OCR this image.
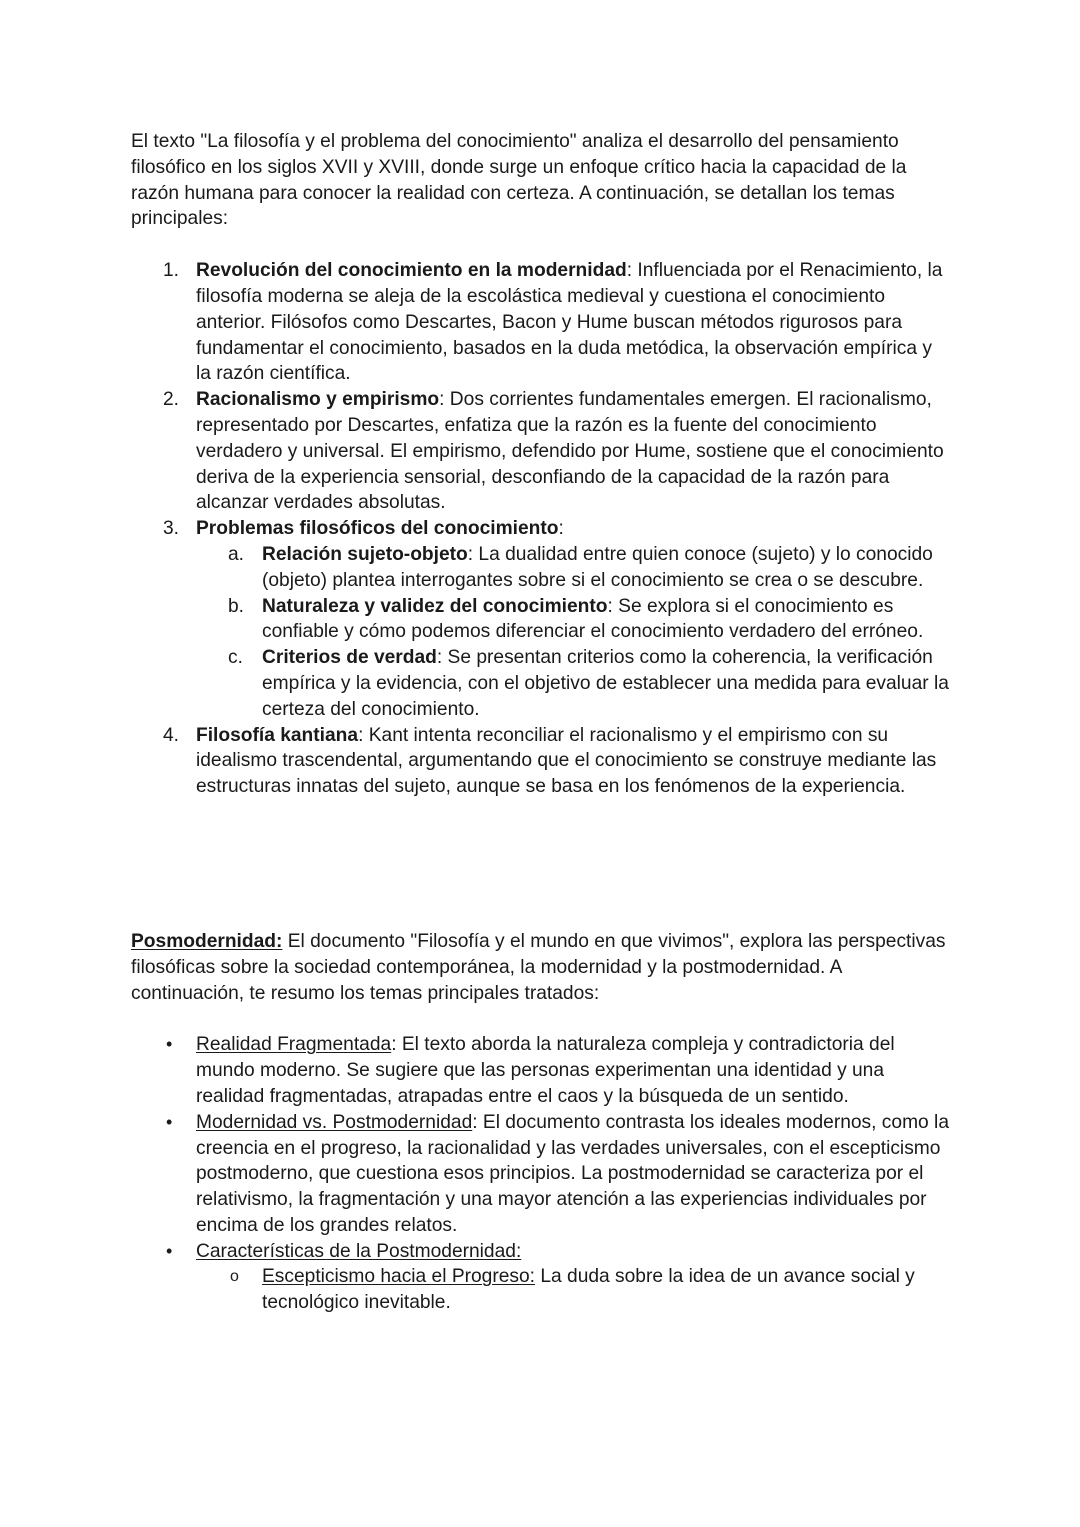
El texto "La filosofía y el problema del conocimiento" analiza el desarrollo del pensamiento filosófico en los siglos XVII y XVIII, donde surge un enfoque crítico hacia la capacidad de la razón humana para conocer la realidad con certeza. A continuación, se detallan los temas principales:

1. Revolución del conocimiento en la modernidad: Influenciada por el Renacimiento, la filosofía moderna se aleja de la escolástica medieval y cuestiona el conocimiento anterior. Filósofos como Descartes, Bacon y Hume buscan métodos rigurosos para fundamentar el conocimiento, basados en la duda metódica, la observación empírica y la razón científica.
2. Racionalismo y empirismo: Dos corrientes fundamentales emergen. El racionalismo, representado por Descartes, enfatiza que la razón es la fuente del conocimiento verdadero y universal. El empirismo, defendido por Hume, sostiene que el conocimiento deriva de la experiencia sensorial, desconfiando de la capacidad de la razón para alcanzar verdades absolutas.
3. Problemas filosóficos del conocimiento:
a. Relación sujeto-objeto: La dualidad entre quien conoce (sujeto) y lo conocido (objeto) plantea interrogantes sobre si el conocimiento se crea o se descubre.
b. Naturaleza y validez del conocimiento: Se explora si el conocimiento es confiable y cómo podemos diferenciar el conocimiento verdadero del erróneo.
c. Criterios de verdad: Se presentan criterios como la coherencia, la verificación empírica y la evidencia, con el objetivo de establecer una medida para evaluar la certeza del conocimiento.
4. Filosofía kantiana: Kant intenta reconciliar el racionalismo y el empirismo con su idealismo trascendental, argumentando que el conocimiento se construye mediante las estructuras innatas del sujeto, aunque se basa en los fenómenos de la experiencia.

Posmodernidad: El documento "Filosofía y el mundo en que vivimos", explora las perspectivas filosóficas sobre la sociedad contemporánea, la modernidad y la postmodernidad. A continuación, te resumo los temas principales tratados:

• Realidad Fragmentada: El texto aborda la naturaleza compleja y contradictoria del mundo moderno. Se sugiere que las personas experimentan una identidad y una realidad fragmentadas, atrapadas entre el caos y la búsqueda de un sentido.
• Modernidad vs. Postmodernidad: El documento contrasta los ideales modernos, como la creencia en el progreso, la racionalidad y las verdades universales, con el escepticismo postmoderno, que cuestiona esos principios. La postmodernidad se caracteriza por el relativismo, la fragmentación y una mayor atención a las experiencias individuales por encima de los grandes relatos.
• Características de la Postmodernidad:
o Escepticismo hacia el Progreso: La duda sobre la idea de un avance social y tecnológico inevitable.
